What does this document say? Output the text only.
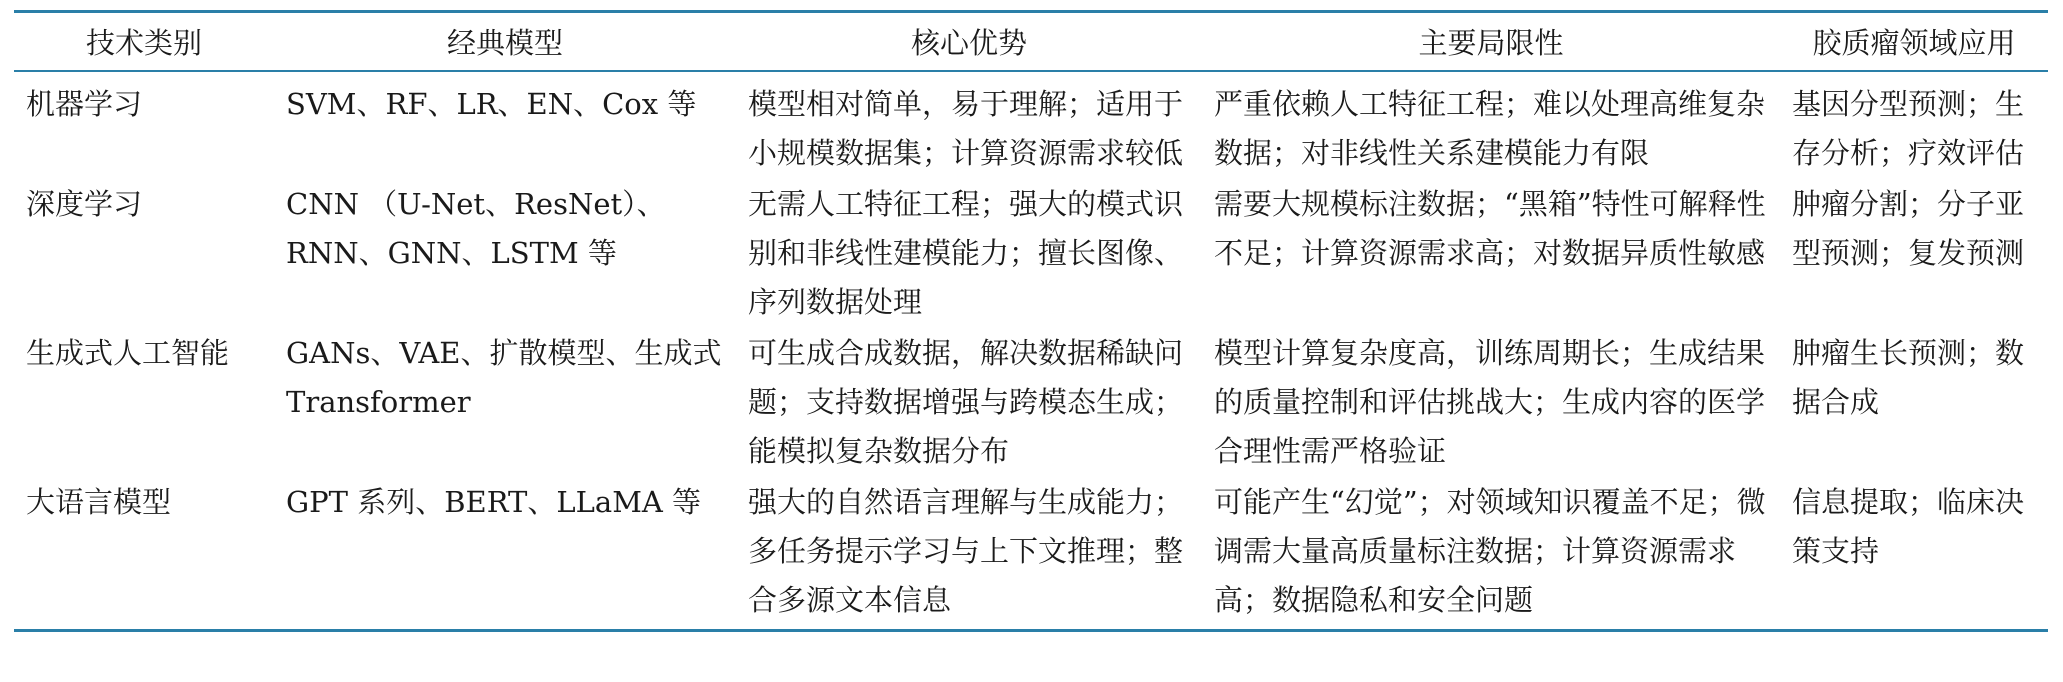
技术类别	经典模型	核心优势	主要局限性	胶质瘤领域应用
机器学习	SVM、RF、LR、EN、Cox 等	模型相对简单，易于理解；适用于小规模数据集；计算资源需求较低	严重依赖人工特征工程；难以处理高维复杂数据；对非线性关系建模能力有限	基因分型预测；生存分析；疗效评估
深度学习	CNN （U-Net、ResNet）、RNN、GNN、LSTM 等	无需人工特征工程；强大的模式识别和非线性建模能力；擅长图像、序列数据处理	需要大规模标注数据；“黑箱”特性可解释性不足；计算资源需求高；对数据异质性敏感	肿瘤分割；分子亚型预测；复发预测
生成式人工智能	GANs、VAE、扩散模型、生成式 Transformer	可生成合成数据，解决数据稀缺问题；支持数据增强与跨模态生成；能模拟复杂数据分布	模型计算复杂度高，训练周期长；生成结果的质量控制和评估挑战大；生成内容的医学合理性需严格验证	肿瘤生长预测；数据合成
大语言模型	GPT 系列、BERT、LLaMA 等	强大的自然语言理解与生成能力；多任务提示学习与上下文推理；整合多源文本信息	可能产生“幻觉”；对领域知识覆盖不足；微调需大量高质量标注数据；计算资源需求高；数据隐私和安全问题	信息提取；临床决策支持
